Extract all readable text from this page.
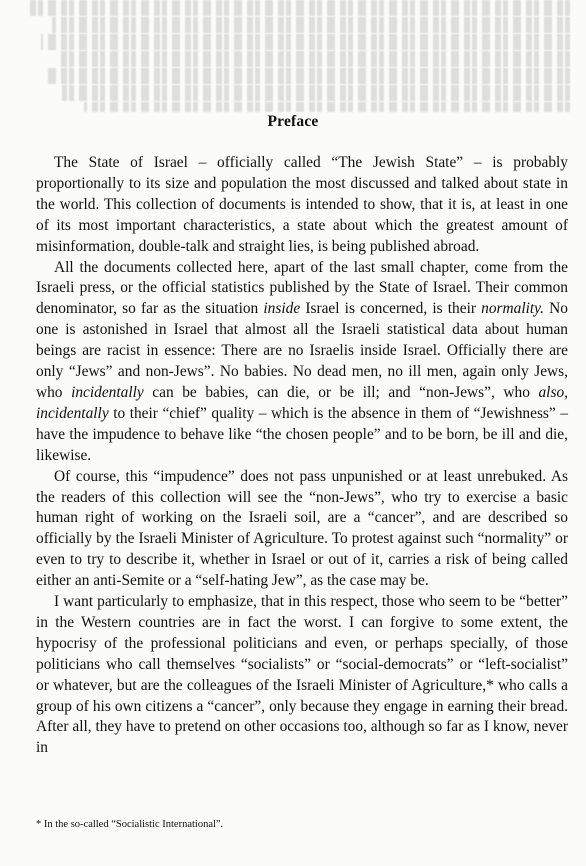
Preface

The State of Israel – officially called “The Jewish State” – is probably proportionally to its size and population the most discussed and talked about state in the world. This collection of documents is intended to show, that it is, at least in one of its most important characteristics, a state about which the greatest amount of misinformation, double-talk and straight lies, is being published abroad.

All the documents collected here, apart of the last small chapter, come from the Israeli press, or the official statistics published by the State of Israel. Their common denominator, so far as the situation inside Israel is concerned, is their normality. No one is astonished in Israel that almost all the Israeli statistical data about human beings are racist in essence: There are no Israelis inside Israel. Officially there are only “Jews” and non-Jews”. No babies. No dead men, no ill men, again only Jews, who incidentally can be babies, can die, or be ill; and “non-Jews”, who also, incidentally to their “chief” quality – which is the absence in them of “Jewishness” – have the impudence to behave like “the chosen people” and to be born, be ill and die, likewise.

Of course, this “impudence” does not pass unpunished or at least unrebuked. As the readers of this collection will see the “non-Jews”, who try to exercise a basic human right of working on the Israeli soil, are a “cancer”, and are described so officially by the Israeli Minister of Agriculture. To protest against such “normality” or even to try to describe it, whether in Israel or out of it, carries a risk of being called either an anti-Semite or a “self-hating Jew”, as the case may be.

I want particularly to emphasize, that in this respect, those who seem to be “better” in the Western countries are in fact the worst. I can forgive to some extent, the hypocrisy of the professional politicians and even, or perhaps specially, of those politicians who call themselves “socialists” or “social-democrats” or “left-socialist” or whatever, but are the colleagues of the Israeli Minister of Agriculture,* who calls a group of his own citizens a “cancer”, only because they engage in earning their bread. After all, they have to pretend on other occasions too, although so far as I know, never in

* In the so-called “Socialistic International”.
